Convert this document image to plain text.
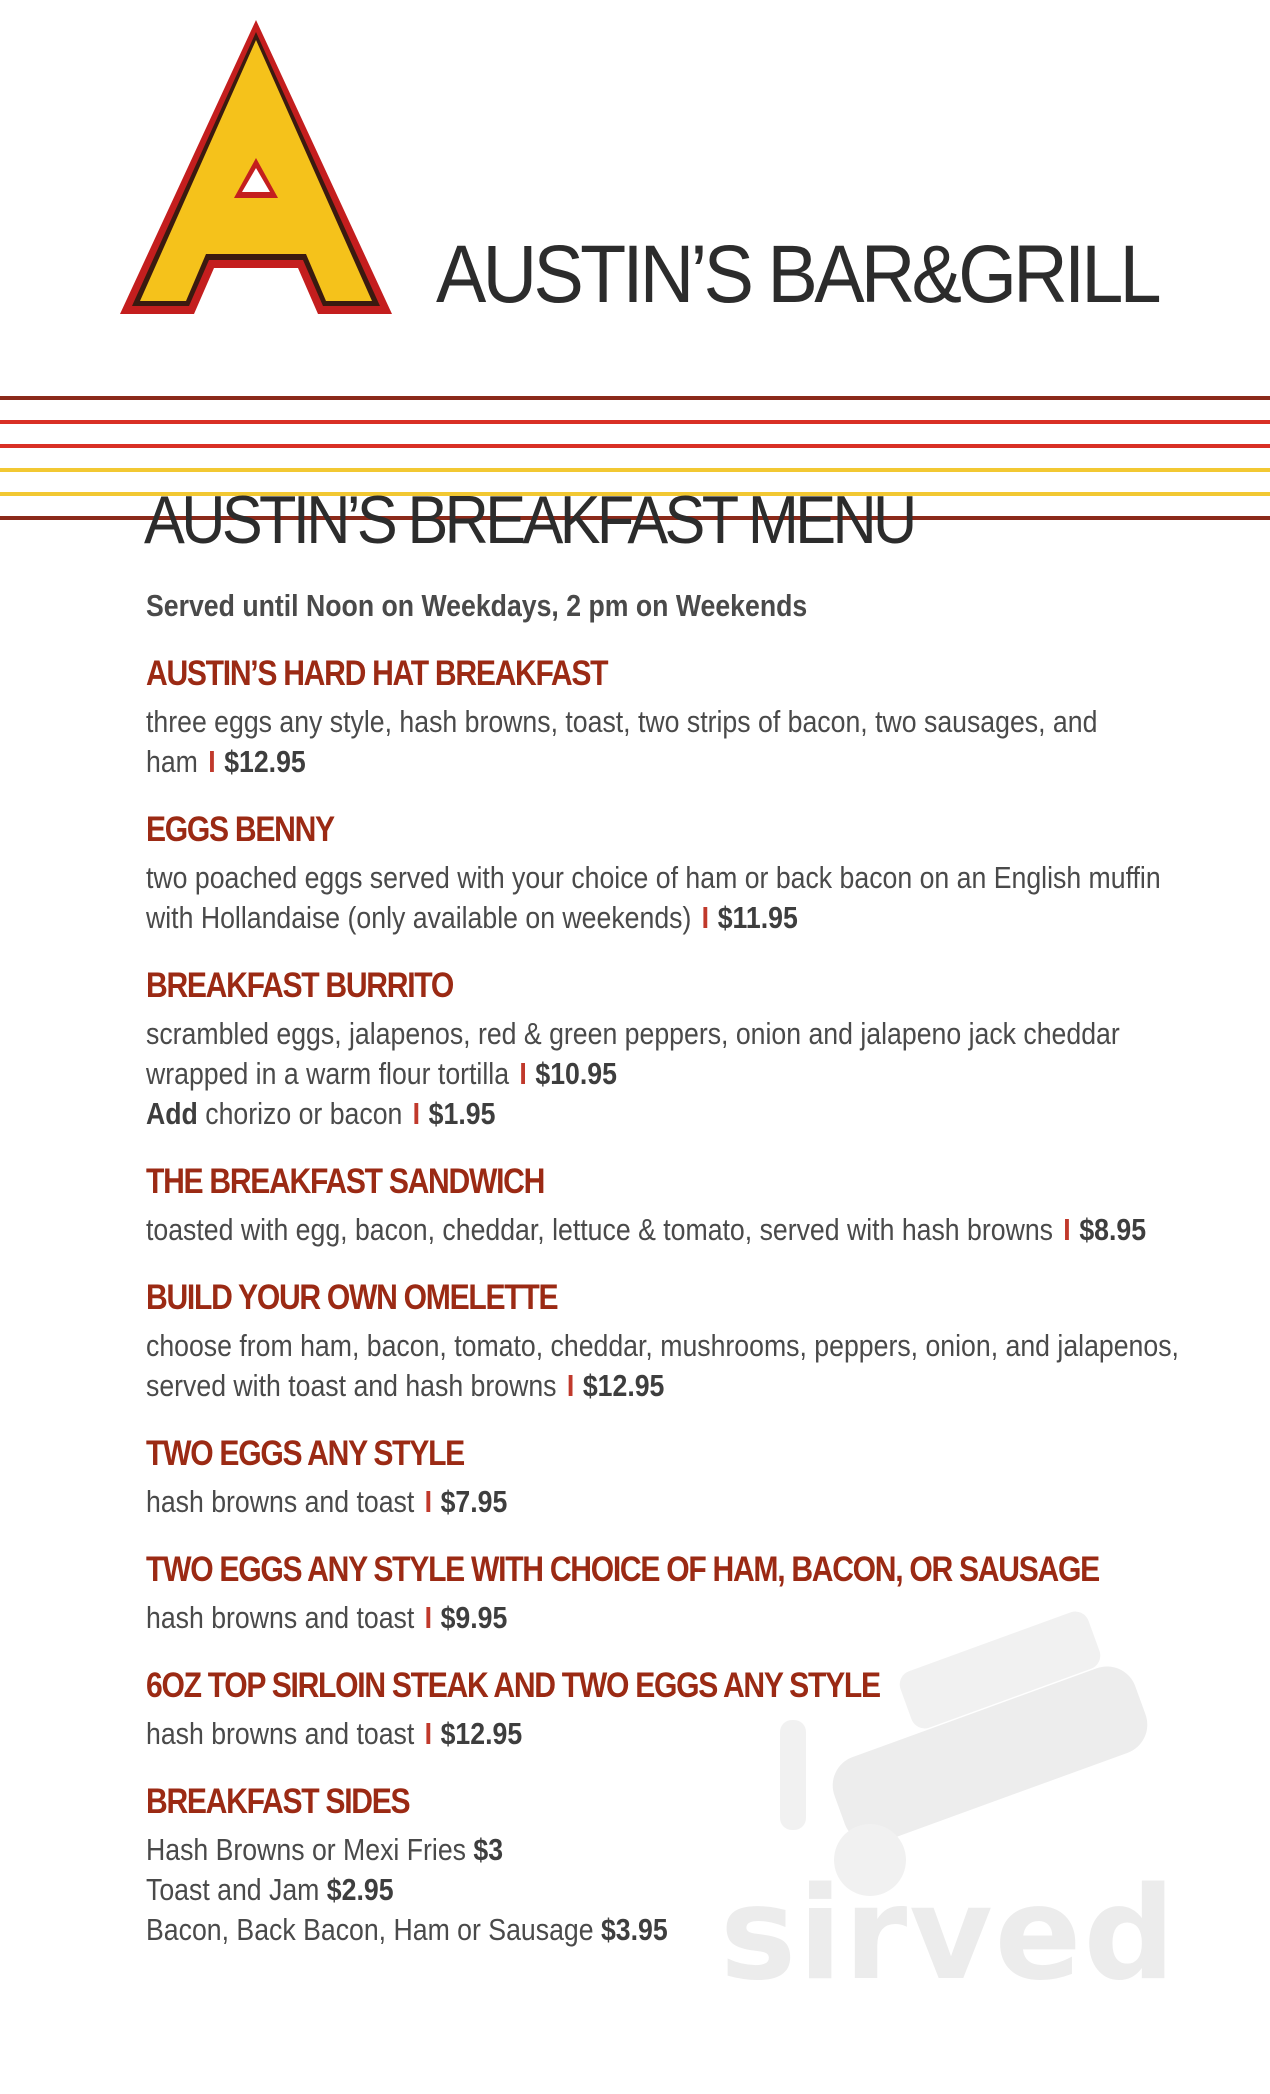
AUSTIN’S BAR&GRILL
AUSTIN’S BREAKFAST MENU
Served until Noon on Weekdays, 2 pm on Weekends
AUSTIN’S HARD HAT BREAKFAST
three eggs any style, hash browns, toast, two strips of bacon, two sausages, and ham I $12.95
EGGS BENNY
two poached eggs served with your choice of ham or back bacon on an English muffin with Hollandaise (only available on weekends) I $11.95
BREAKFAST BURRITO
scrambled eggs, jalapenos, red & green peppers, onion and jalapeno jack cheddar wrapped in a warm flour tortilla I $10.95
Add chorizo or bacon I $1.95
THE BREAKFAST SANDWICH
toasted with egg, bacon, cheddar, lettuce & tomato, served with hash browns I $8.95
BUILD YOUR OWN OMELETTE
choose from ham, bacon, tomato, cheddar, mushrooms, peppers, onion, and jalapenos, served with toast and hash browns I $12.95
TWO EGGS ANY STYLE
hash browns and toast I $7.95
TWO EGGS ANY STYLE WITH CHOICE OF HAM, BACON, OR SAUSAGE
hash browns and toast I $9.95
6OZ TOP SIRLOIN STEAK AND TWO EGGS ANY STYLE
hash browns and toast I $12.95
BREAKFAST SIDES
Hash Browns or Mexi Fries $3
Toast and Jam $2.95
Bacon, Back Bacon, Ham or Sausage $3.95 sirved
